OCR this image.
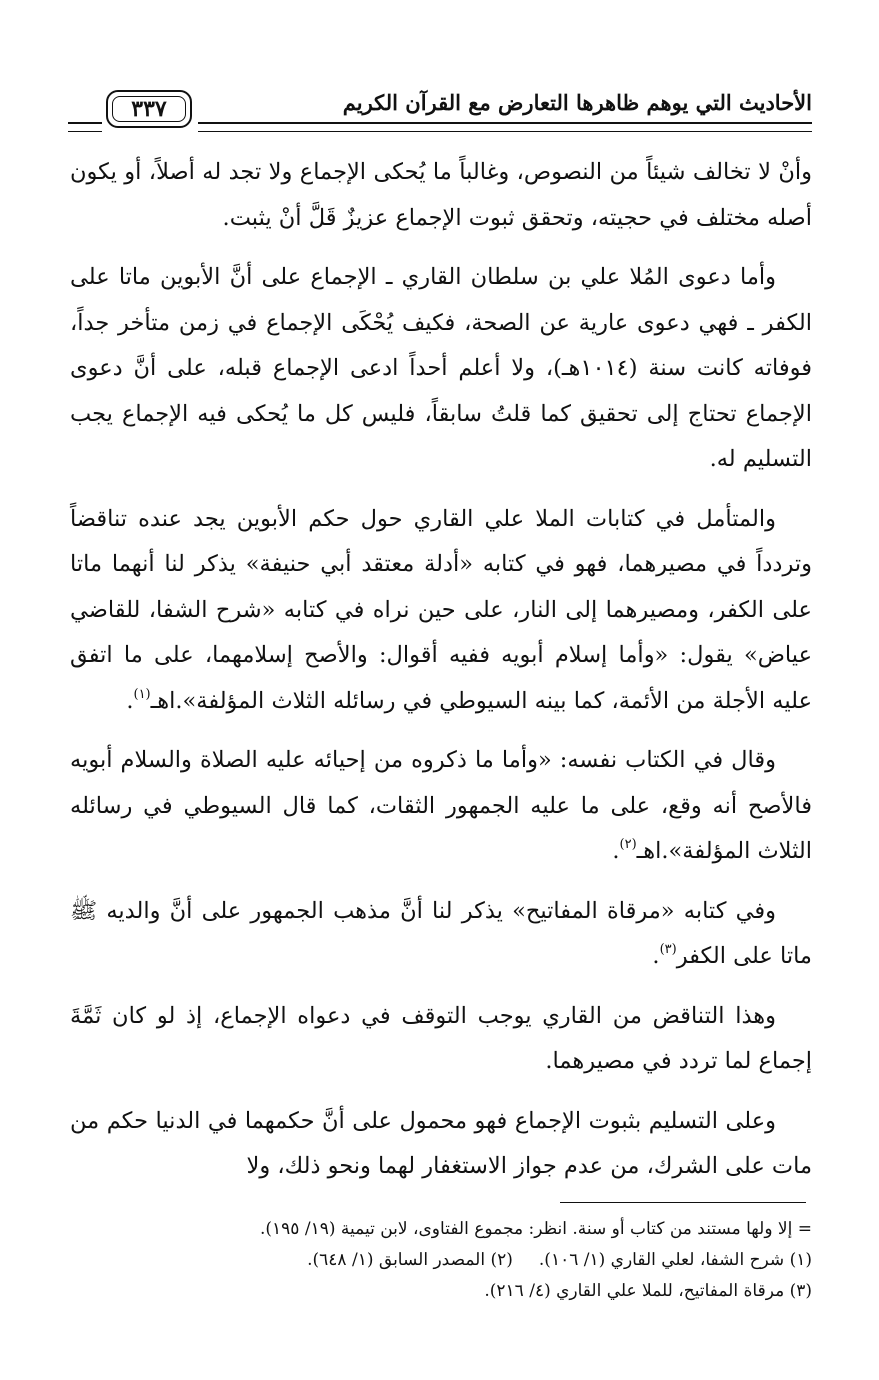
الأحاديث التي يوهم ظاهرها التعارض مع القرآن الكريم
٣٣٧

وأنْ لا تخالف شيئاً من النصوص، وغالباً ما يُحكى الإجماع ولا تجد له أصلاً، أو يكون أصله مختلف في حجيته، وتحقق ثبوت الإجماع عزيزٌ قَلَّ أنْ يثبت.

وأما دعوى المُلا علي بن سلطان القاري ـ الإجماع على أنَّ الأبوين ماتا على الكفر ـ فهي دعوى عارية عن الصحة، فكيف يُحْكَى الإجماع في زمن متأخر جداً، فوفاته كانت سنة (١٠١٤هـ)، ولا أعلم أحداً ادعى الإجماع قبله، على أنَّ دعوى الإجماع تحتاج إلى تحقيق كما قلتُ سابقاً، فليس كل ما يُحكى فيه الإجماع يجب التسليم له.

والمتأمل في كتابات الملا علي القاري حول حكم الأبوين يجد عنده تناقضاً وتردداً في مصيرهما، فهو في كتابه «أدلة معتقد أبي حنيفة» يذكر لنا أنهما ماتا على الكفر، ومصيرهما إلى النار، على حين نراه في كتابه «شرح الشفا، للقاضي عياض» يقول: «وأما إسلام أبويه ففيه أقوال: والأصح إسلامهما، على ما اتفق عليه الأجلة من الأئمة، كما بينه السيوطي في رسائله الثلاث المؤلفة».اهـ$^{(١)}$.

وقال في الكتاب نفسه: «وأما ما ذكروه من إحيائه عليه الصلاة والسلام أبويه فالأصح أنه وقع، على ما عليه الجمهور الثقات، كما قال السيوطي في رسائله الثلاث المؤلفة».اهـ$^{(٢)}$.

وفي كتابه «مرقاة المفاتيح» يذكر لنا أنَّ مذهب الجمهور على أنَّ والديه ﷺ ماتا على الكفر$^{(٣)}$.

وهذا التناقض من القاري يوجب التوقف في دعواه الإجماع، إذ لو كان ثَمَّةَ إجماع لما تردد في مصيرهما.

وعلى التسليم بثبوت الإجماع فهو محمول على أنَّ حكمهما في الدنيا حكم من مات على الشرك، من عدم جواز الاستغفار لهما ونحو ذلك، ولا

= إلا ولها مستند من كتاب أو سنة. انظر: مجموع الفتاوى، لابن تيمية (١٩/ ١٩٥).
(١) شرح الشفا، لعلي القاري (١/ ١٠٦).(٢) المصدر السابق (١/ ٦٤٨).
(٣) مرقاة المفاتيح، للملا علي القاري (٤/ ٢١٦).
